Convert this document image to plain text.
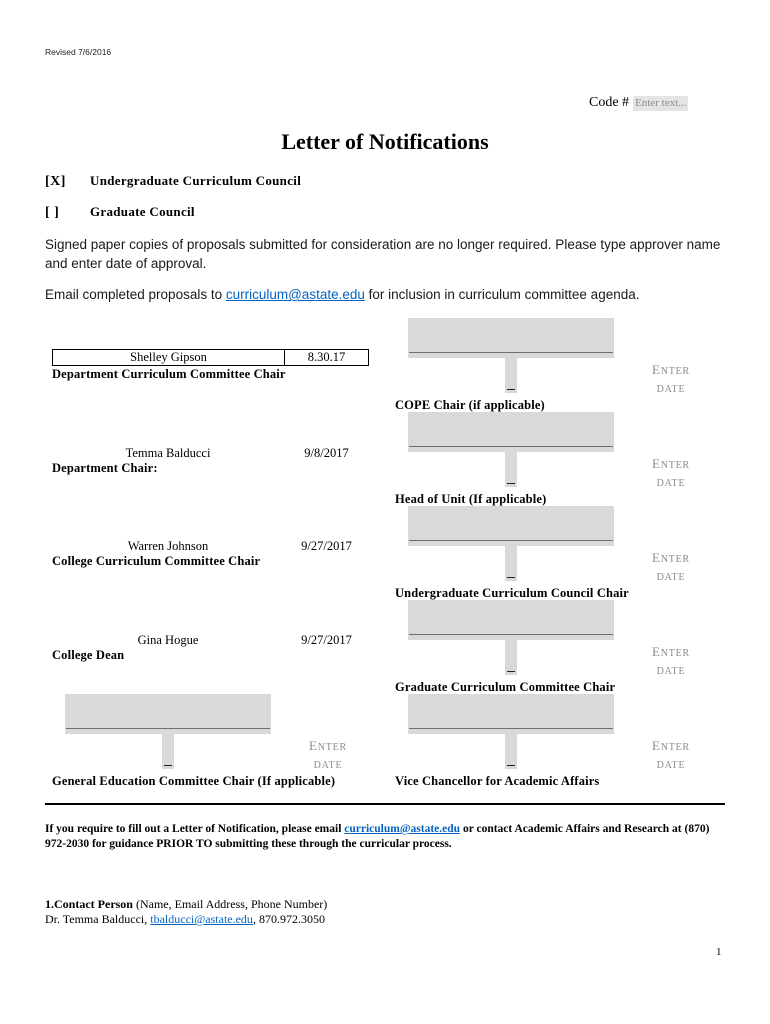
Revised 7/6/2016
Code # Enter text...
Letter of Notifications
[X] Undergraduate Curriculum Council
[ ] Graduate Council
Signed paper copies of proposals submitted for consideration are no longer required. Please type approver name and enter date of approval.
Email completed proposals to curriculum@astate.edu for inclusion in curriculum committee agenda.
Shelley Gipson	8.30.17
Department Curriculum Committee Chair
Temma Balducci	9/8/2017
Department Chair:
Warren Johnson	9/27/2017
College Curriculum Committee Chair
Gina Hogue	9/27/2017
College Dean
ENTER DATE
General Education Committee Chair (If applicable)
ENTER DATE
COPE Chair (if applicable)
ENTER DATE
Head of Unit (If applicable)
ENTER DATE
Undergraduate Curriculum Council Chair
ENTER DATE
Graduate Curriculum Committee Chair
ENTER DATE
Vice Chancellor for Academic Affairs
If you require to fill out a Letter of Notification, please email curriculum@astate.edu or contact Academic Affairs and Research at (870) 972-2030 for guidance PRIOR TO submitting these through the curricular process.
1.Contact Person (Name, Email Address, Phone Number)
Dr. Temma Balducci, tbalducci@astate.edu, 870.972.3050
1
